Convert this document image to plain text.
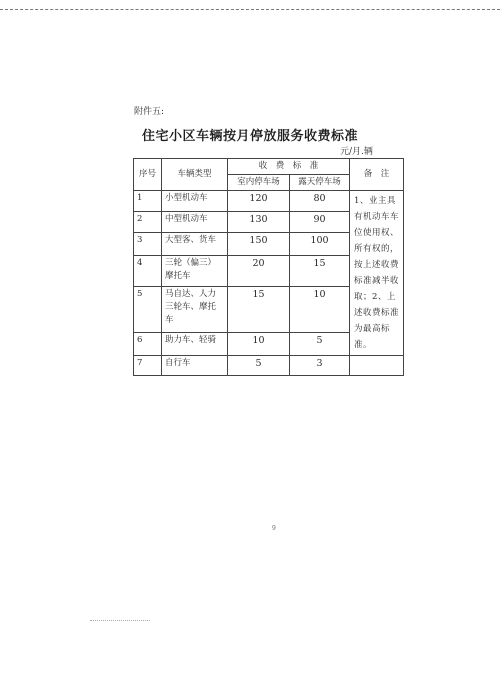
附件五:
住宅小区车辆按月停放服务收费标准
元/月.辆
序号	车辆类型	收　费　标　准		备　注
		室内停车场	露天停车场	
1	小型机动车	120	80	1、业主具有机动车车位使用权、所有权的，按上述收费标准减半收取；2、上述收费标准为最高标准。
2	中型机动车	130	90	
3	大型客、货车	150	100	
4	三轮（偏三）摩托车	20	15	
5	马自达、人力三轮车、摩托车	15	10	
6	助力车、轻骑	10	5	
7	自行车	5	3	
9
